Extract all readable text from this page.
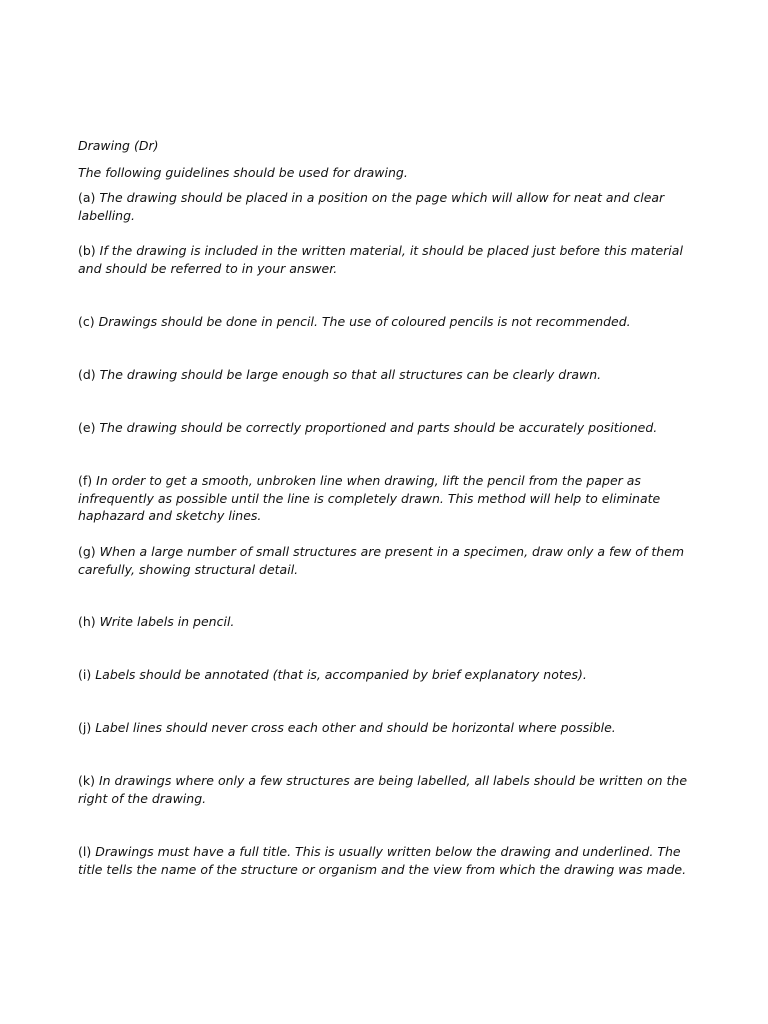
Drawing (Dr)
The following guidelines should be used for drawing.
(a) The drawing should be placed in a position on the page which will allow for neat and clear labelling.
(b) If the drawing is included in the written material, it should be placed just before this material and should be referred to in your answer.
(c) Drawings should be done in pencil. The use of coloured pencils is not recommended.
(d) The drawing should be large enough so that all structures can be clearly drawn.
(e) The drawing should be correctly proportioned and parts should be accurately positioned.
(f) In order to get a smooth, unbroken line when drawing, lift the pencil from the paper as infrequently as possible until the line is completely drawn. This method will help to eliminate haphazard and sketchy lines.
(g) When a large number of small structures are present in a specimen, draw only a few of them carefully, showing structural detail.
(h) Write labels in pencil.
(i) Labels should be annotated (that is, accompanied by brief explanatory notes).
(j) Label lines should never cross each other and should be horizontal where possible.
(k) In drawings where only a few structures are being labelled, all labels should be written on the right of the drawing.
(l) Drawings must have a full title. This is usually written below the drawing and underlined. The title tells the name of the structure or organism and the view from which the drawing was made.
